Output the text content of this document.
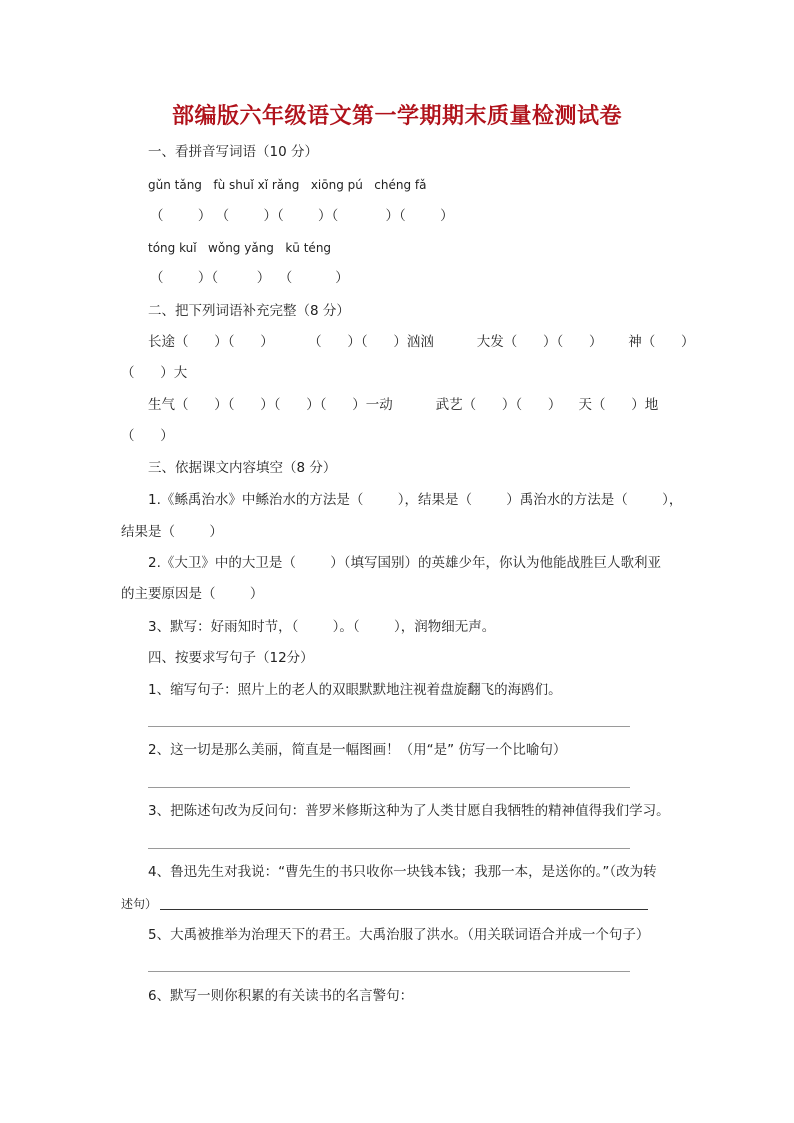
部编版六年级语文第一学期期末质量检测试卷
一、看拼音写词语（10 分）
gǔn tǎng   fù shuǐ xǐ rǎng   xiōng pú   chéng fǎ
（        ） （        ）（        ）（           ）（        ）
tóng kuǐ   wǒng yǎng   kū téng
（        ）（         ）  （          ）
二、把下列词语补充完整（8 分）
长途（      ）（      ）        （      ）（      ）汹汹          大发（      ）（      ）      神（      ）
（      ）大
生气（      ）（      ）（      ）（      ）一动          武艺（      ）（      ）    天（      ）地
（      ）
三、依据课文内容填空（8 分）
1.《鲧禹治水》中鲧治水的方法是（        ），结果是（        ）禹治水的方法是（        ），
结果是（        ）
2.《大卫》中的大卫是（        ）（填写国别）的英雄少年，你认为他能战胜巨人歌利亚
的主要原因是（        ）
3、默写：好雨知时节，（        ）。（        ），润物细无声。
四、按要求写句子（12分）
1、缩写句子：照片上的老人的双眼默默地注视着盘旋翻飞的海鸥们。
2、这一切是那么美丽，简直是一幅图画！（用“是” 仿写一个比喻句）
3、把陈述句改为反问句：普罗米修斯这种为了人类甘愿自我牺牲的精神值得我们学习。
4、鲁迅先生对我说：“曹先生的书只收你一块钱本钱；我那一本，是送你的。”（改为转
述句）
5、大禹被推举为治理天下的君王。大禹治服了洪水。（用关联词语合并成一个句子）
6、默写一则你积累的有关读书的名言警句：
